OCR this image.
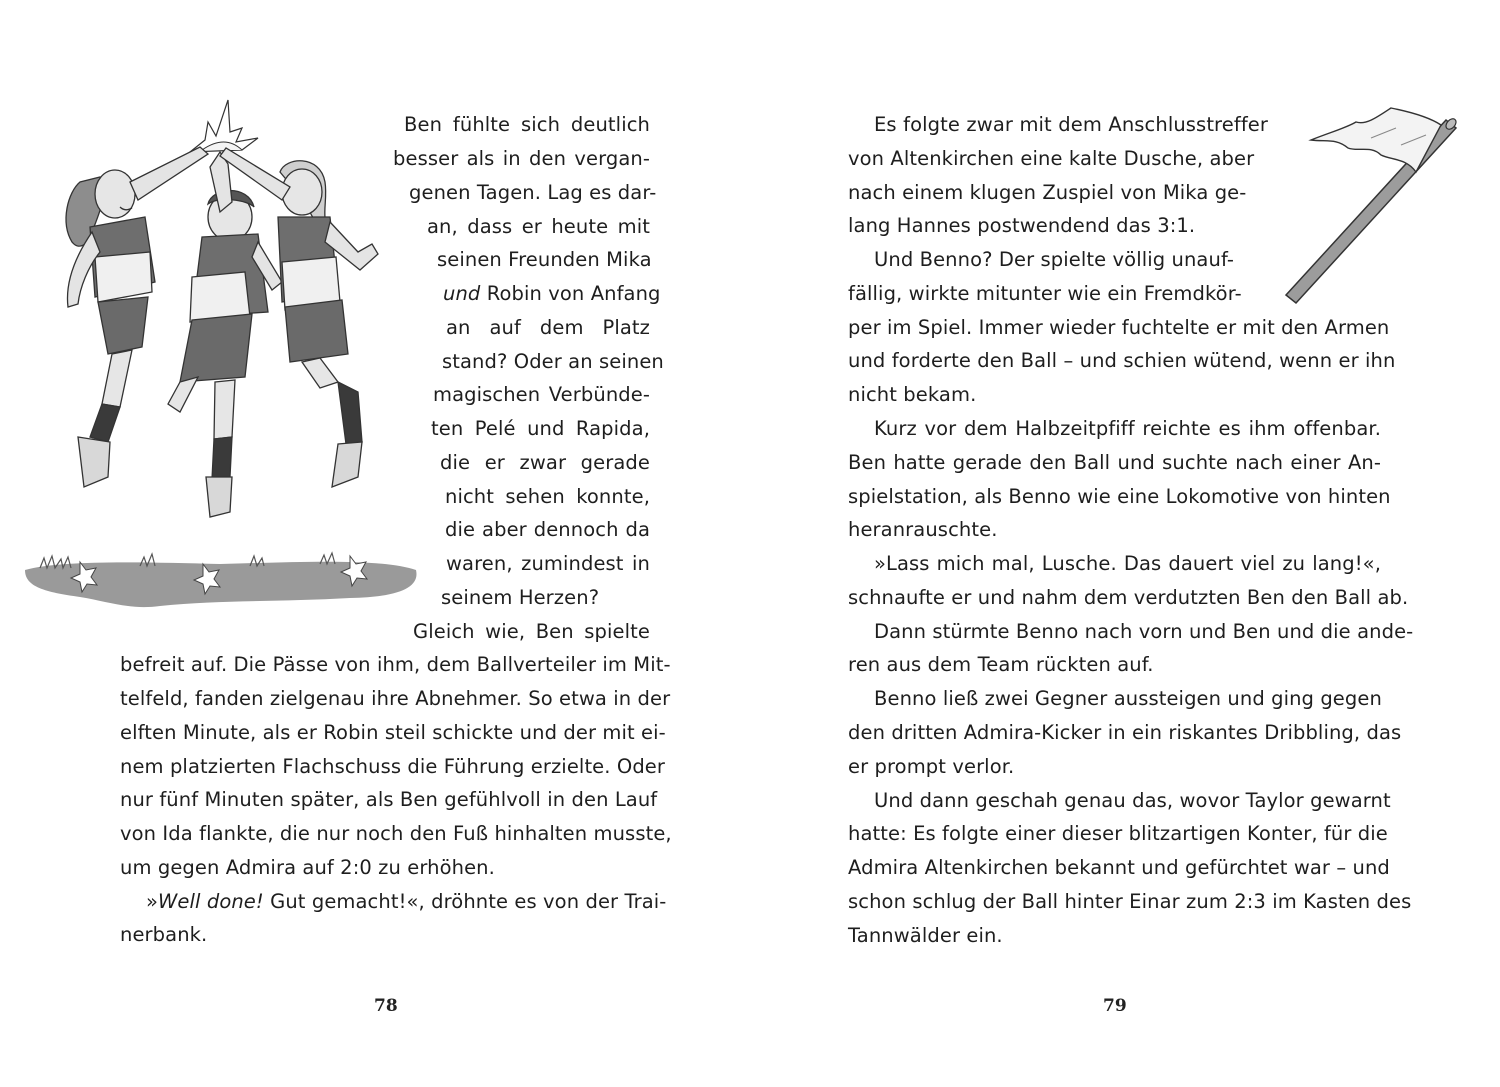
Ben fühlte sich deutlich
besser als in den vergan-
genen Tagen. Lag es dar-
an, dass er heute mit
seinen Freunden Mika
und Robin von Anfang
an auf dem Platz
stand? Oder an seinen
magischen Verbünde-
ten Pelé und Rapida,
die er zwar gerade
nicht sehen konnte,
die aber dennoch da
waren, zumindest in
seinem Herzen?
Gleich wie, Ben spielte
befreit auf. Die Pässe von ihm, dem Ballverteiler im Mit-
telfeld, fanden zielgenau ihre Abnehmer. So etwa in der
elften Minute, als er Robin steil schickte und der mit ei-
nem platzierten Flachschuss die Führung erzielte. Oder
nur fünf Minuten später, als Ben gefühlvoll in den Lauf
von Ida flankte, die nur noch den Fuß hinhalten musste,
um gegen Admira auf 2:0 zu erhöhen.
»Well done! Gut gemacht!«, dröhnte es von der Trai-
nerbank.
78
Es folgte zwar mit dem Anschlusstreffer
von Altenkirchen eine kalte Dusche, aber
nach einem klugen Zuspiel von Mika ge-
lang Hannes postwendend das 3:1.
Und Benno? Der spielte völlig unauf-
fällig, wirkte mitunter wie ein Fremdkör-
per im Spiel. Immer wieder fuchtelte er mit den Armen
und forderte den Ball – und schien wütend, wenn er ihn
nicht bekam.
Kurz vor dem Halbzeitpfiff reichte es ihm offenbar.
Ben hatte gerade den Ball und suchte nach einer An-
spielstation, als Benno wie eine Lokomotive von hinten
heranrauschte.
»Lass mich mal, Lusche. Das dauert viel zu lang!«,
schnaufte er und nahm dem verdutzten Ben den Ball ab.
Dann stürmte Benno nach vorn und Ben und die ande-
ren aus dem Team rückten auf.
Benno ließ zwei Gegner aussteigen und ging gegen
den dritten Admira-Kicker in ein riskantes Dribbling, das
er prompt verlor.
Und dann geschah genau das, wovor Taylor gewarnt
hatte: Es folgte einer dieser blitzartigen Konter, für die
Admira Altenkirchen bekannt und gefürchtet war – und
schon schlug der Ball hinter Einar zum 2:3 im Kasten des
Tannwälder ein.
79
